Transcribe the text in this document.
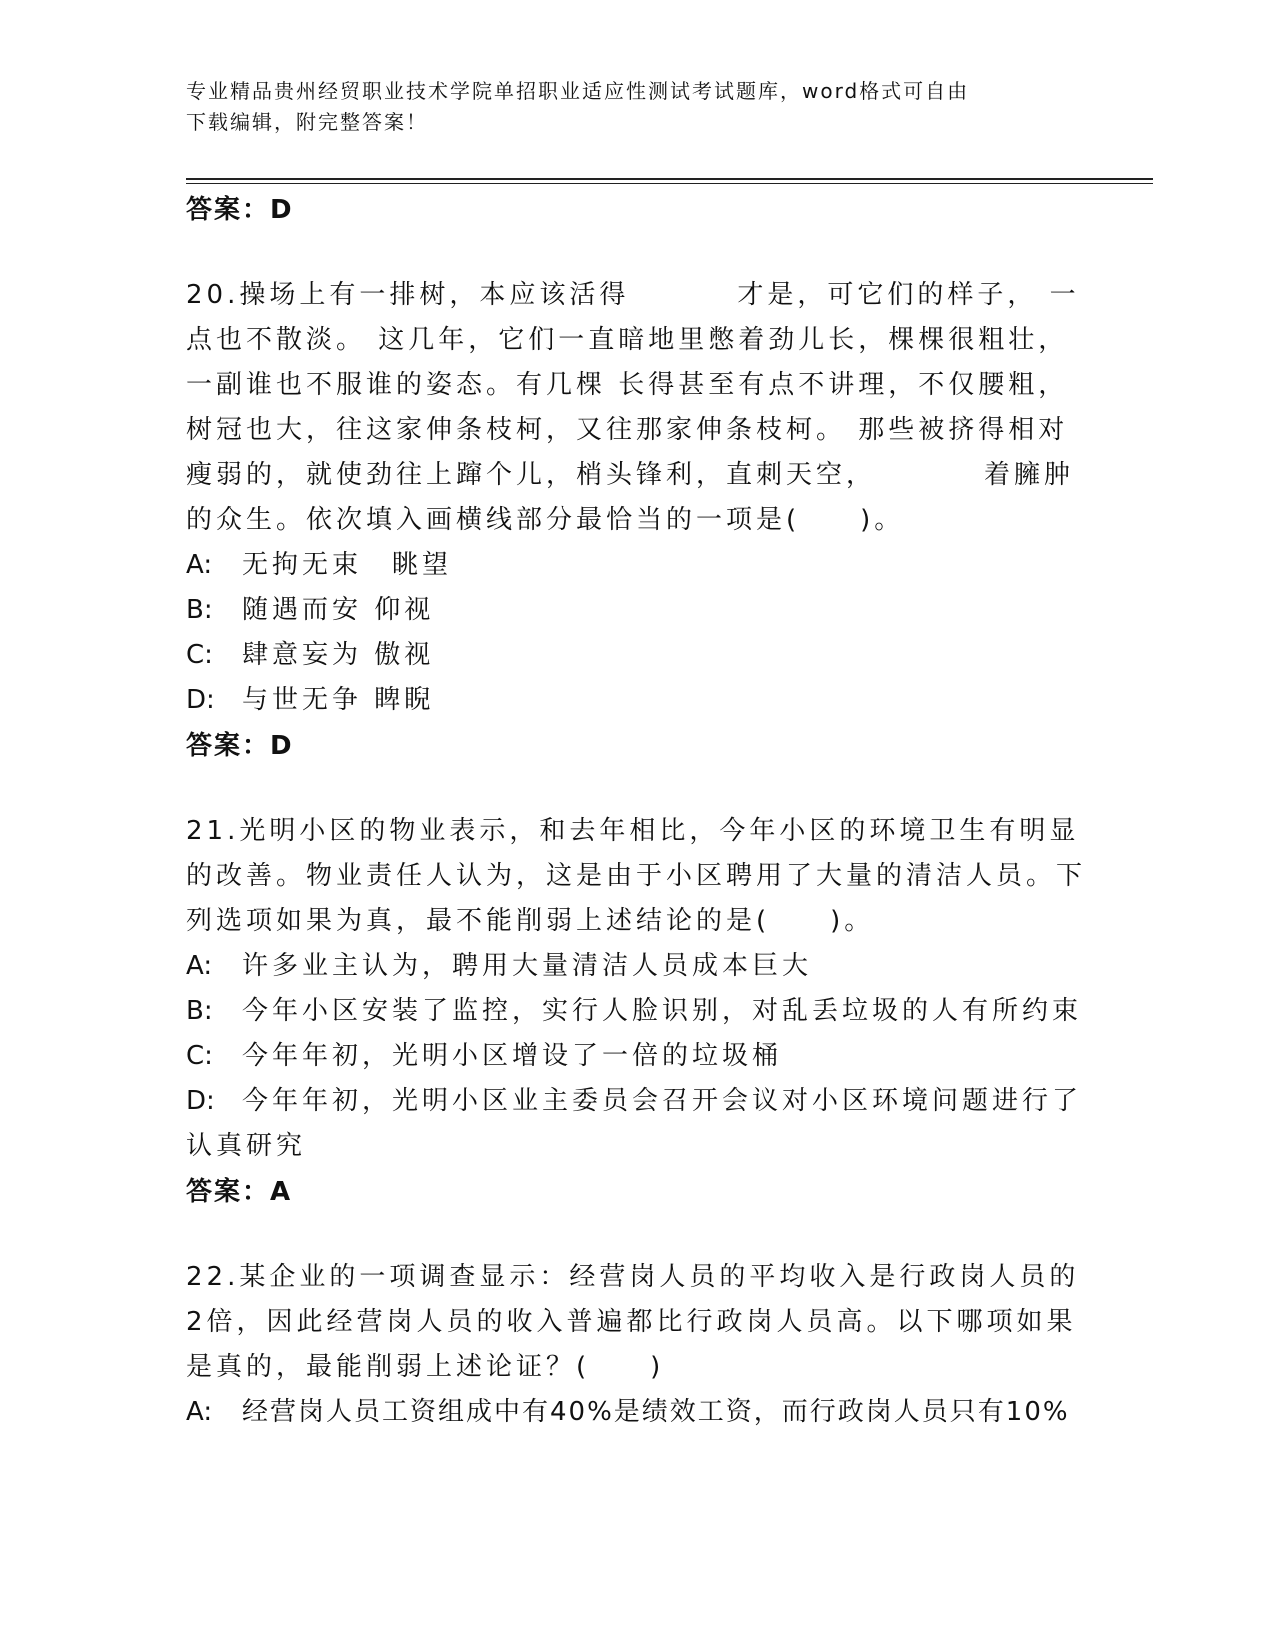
专业精品贵州经贸职业技术学院单招职业适应性测试考试题库，word格式可自由
下载编辑，附完整答案！
答案：D
20.操场上有一排树，本应该活得	才是，可它们的样子， 一点也不散淡。 这几年，它们一直暗地里憋着劲儿长，棵棵很粗壮，一副谁也不服谁的姿态。有几棵 长得甚至有点不讲理，不仅腰粗，树冠也大，往这家伸条枝柯，又往那家伸条枝柯。 那些被挤得相对瘦弱的，就使劲往上蹿个儿，梢头锋利，直刺天空，	着臃肿的众生。依次填入画横线部分最恰当的一项是(　　)。
A:	无拘无束　眺望
B:	随遇而安 仰视
C:	肆意妄为 傲视
D:	与世无争 睥睨
答案：D
21.光明小区的物业表示，和去年相比，今年小区的环境卫生有明显的改善。物业责任人认为，这是由于小区聘用了大量的清洁人员。下列选项如果为真，最不能削弱上述结论的是(　　)。
A:	许多业主认为，聘用大量清洁人员成本巨大
B:	今年小区安装了监控，实行人脸识别，对乱丢垃圾的人有所约束
C:	今年年初，光明小区增设了一倍的垃圾桶
D: 今年年初，光明小区业主委员会召开会议对小区环境问题进行了认真研究
答案：A
22.某企业的一项调查显示：经营岗人员的平均收入是行政岗人员的2倍，因此经营岗人员的收入普遍都比行政岗人员高。以下哪项如果是真的，最能削弱上述论证？(　　)
A:	经营岗人员工资组成中有40%是绩效工资，而行政岗人员只有10%
